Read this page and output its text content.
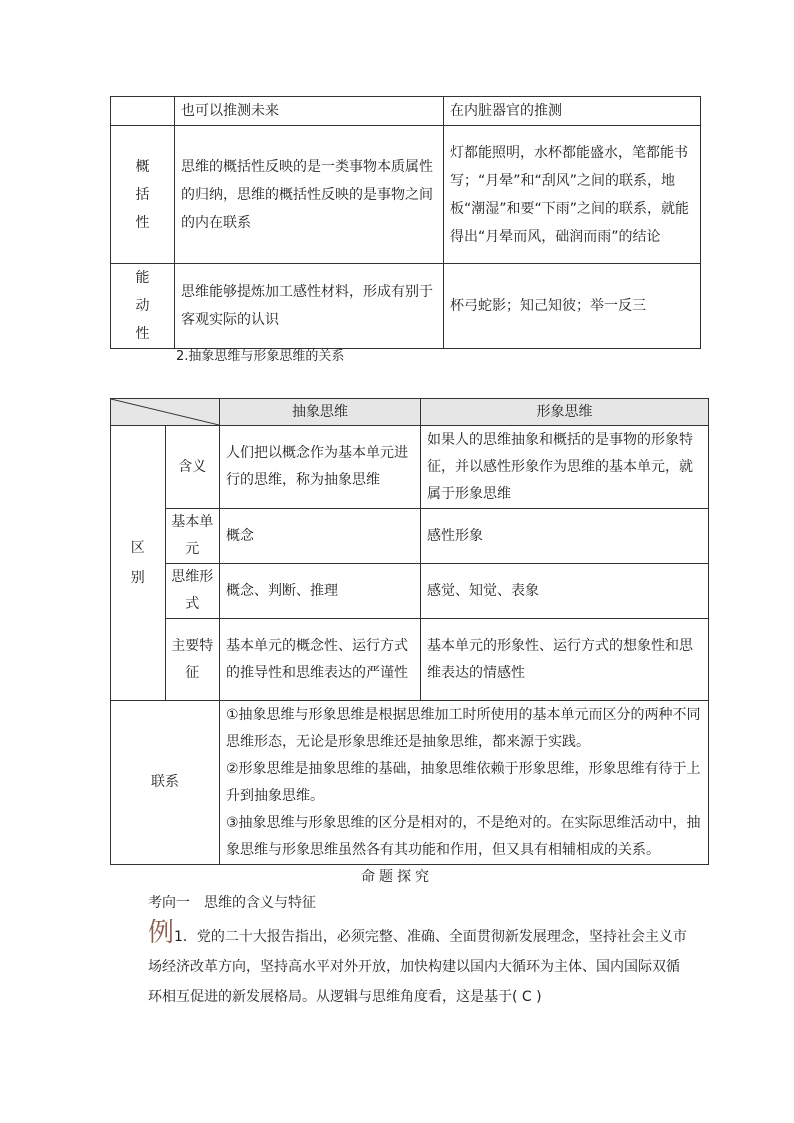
	也可以推测未来	在内脏器官的推测
概
括
性	思维的概括性反映的是一类事物本质属性的归纳，思维的概括性反映的是事物之间的内在联系	灯都能照明，水杯都能盛水，笔都能书写；“月晕”和“刮风”之间的联系，地板“潮湿”和要“下雨”之间的联系，就能得出“月晕而风，础润而雨”的结论
能
动
性	思维能够提炼加工感性材料，形成有别于客观实际的认识	杯弓蛇影；知己知彼；举一反三
2.抽象思维与形象思维的关系
	抽象思维	形象思维
区
别	含义	人们把以概念作为基本单元进行的思维，称为抽象思维	如果人的思维抽象和概括的是事物的形象特征，并以感性形象作为思维的基本单元，就属于形象思维
	基本单元	概念	感性形象
	思维形式	概念、判断、推理	感觉、知觉、表象
	主要特征	基本单元的概念性、运行方式的推导性和思维表达的严谨性	基本单元的形象性、运行方式的想象性和思维表达的情感性
联系		①抽象思维与形象思维是根据思维加工时所使用的基本单元而区分的两种不同思维形态，无论是形象思维还是抽象思维，都来源于实践。
②形象思维是抽象思维的基础，抽象思维依赖于形象思维，形象思维有待于上升到抽象思维。
③抽象思维与形象思维的区分是相对的，不是绝对的。在实际思维活动中，抽象思维与形象思维虽然各有其功能和作用，但又具有相辅相成的关系。	
命题探究
考向一　思维的含义与特征
例1．党的二十大报告指出，必须完整、准确、全面贯彻新发展理念，坚持社会主义市场经济改革方向，坚持高水平对外开放，加快构建以国内大循环为主体、国内国际双循环相互促进的新发展格局。从逻辑与思维角度看，这是基于( C )
